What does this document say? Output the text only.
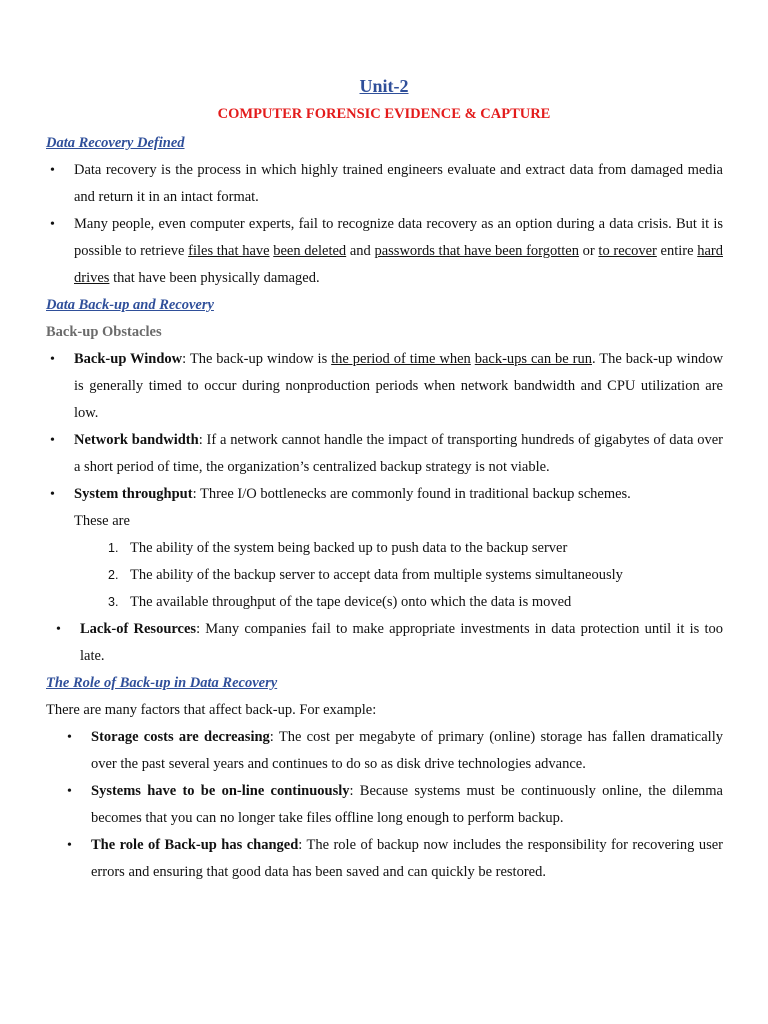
Unit-2
COMPUTER FORENSIC EVIDENCE & CAPTURE
Data Recovery Defined
• Data recovery is the process in which highly trained engineers evaluate and extract data from damaged media and return it in an intact format.
• Many people, even computer experts, fail to recognize data recovery as an option during a data crisis. But it is possible to retrieve files that have been deleted and passwords that have been forgotten or to recover entire hard drives that have been physically damaged.
Data Back-up and Recovery
Back-up Obstacles
• Back-up Window: The back-up window is the period of time when back-ups can be run. The back-up window is generally timed to occur during nonproduction periods when network bandwidth and CPU utilization are low.
• Network bandwidth: If a network cannot handle the impact of transporting hundreds of gigabytes of data over a short period of time, the organization’s centralized backup strategy is not viable.
• System throughput: Three I/O bottlenecks are commonly found in traditional backup schemes.
These are
1. The ability of the system being backed up to push data to the backup server
2. The ability of the backup server to accept data from multiple systems simultaneously
3. The available throughput of the tape device(s) onto which the data is moved
• Lack-of Resources: Many companies fail to make appropriate investments in data protection until it is too late.
The Role of Back-up in Data Recovery
There are many factors that affect back-up. For example:
• Storage costs are decreasing: The cost per megabyte of primary (online) storage has fallen dramatically over the past several years and continues to do so as disk drive technologies advance.
• Systems have to be on-line continuously: Because systems must be continuously online, the dilemma becomes that you can no longer take files offline long enough to perform backup.
• The role of Back-up has changed: The role of backup now includes the responsibility for recovering user errors and ensuring that good data has been saved and can quickly be restored.
